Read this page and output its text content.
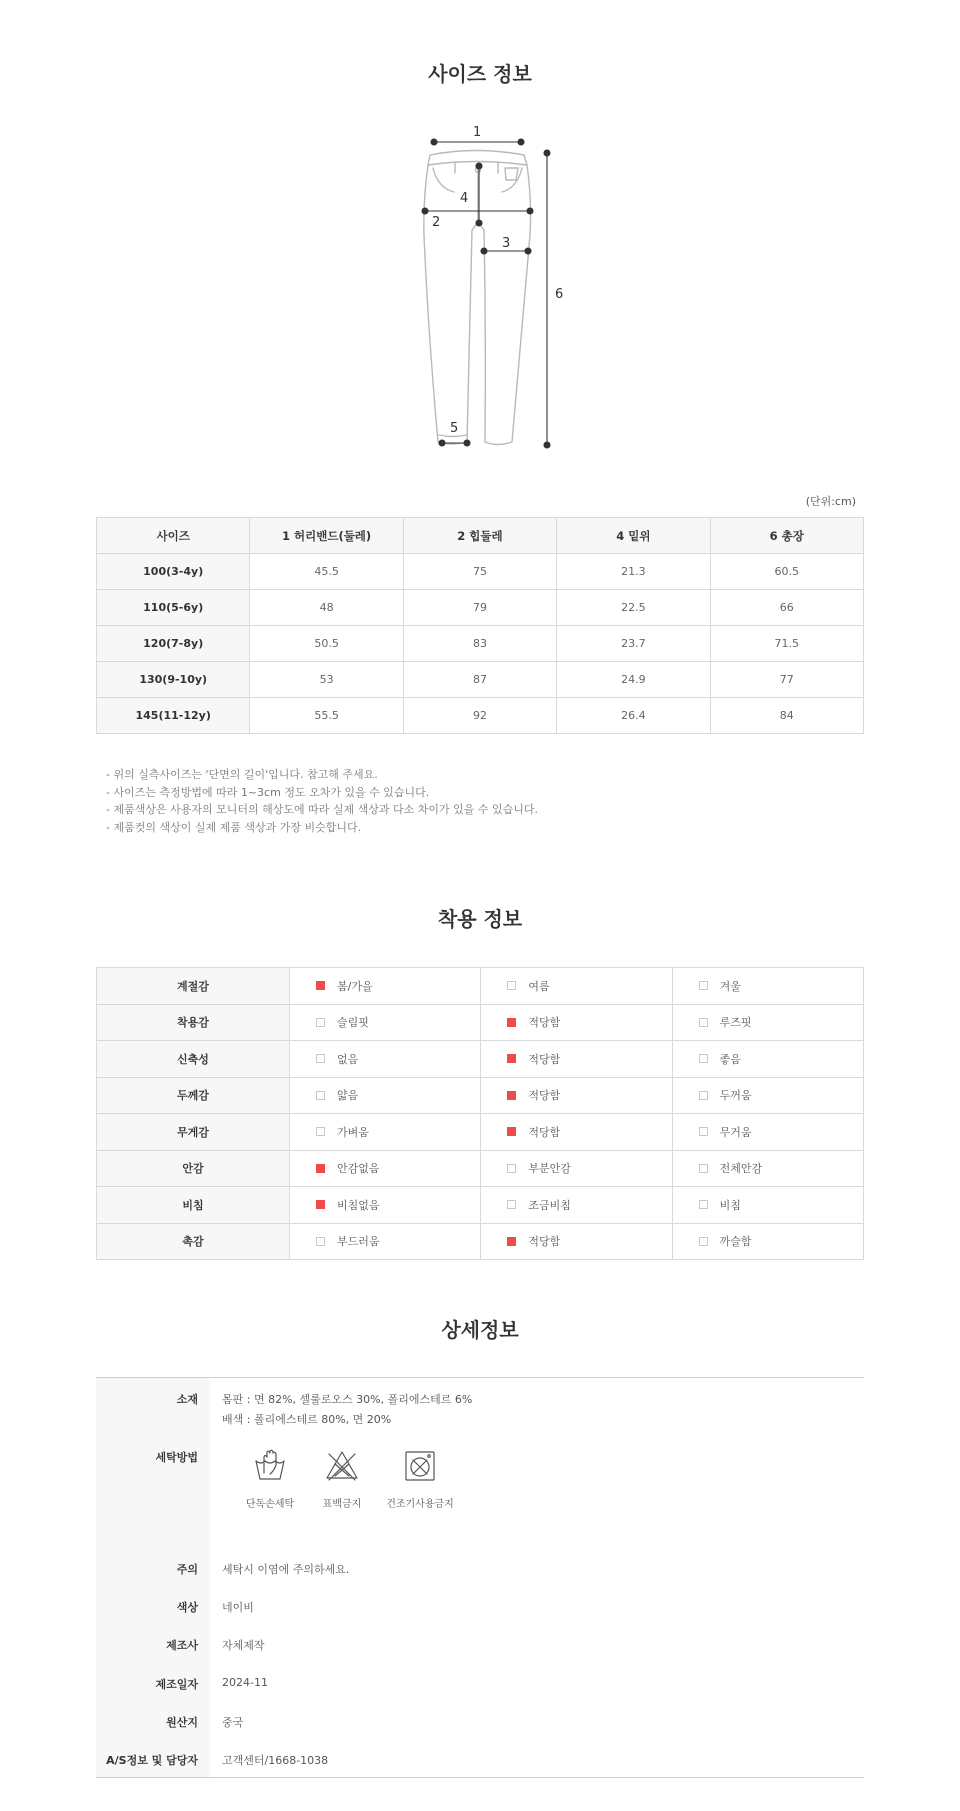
사이즈 정보
1
2
3
4
5
6
(단위:cm)
사이즈	1 허리밴드(둘레)	2 힙둘레	4 밑위	6 총장
100(3-4y)	45.5	75	21.3	60.5
110(5-6y)	48	79	22.5	66
120(7-8y)	50.5	83	23.7	71.5
130(9-10y)	53	87	24.9	77
145(11-12y)	55.5	92	26.4	84
- 위의 실측사이즈는 '단면의 길이'입니다. 참고해 주세요.
- 사이즈는 측정방법에 따라 1~3cm 정도 오차가 있을 수 있습니다.
- 제품색상은 사용자의 모니터의 해상도에 따라 실제 색상과 다소 차이가 있을 수 있습니다.
- 제품컷의 색상이 실제 제품 색상과 가장 비슷합니다.
착용 정보
계절감	봄/가을	여름	겨울
착용감	슬림핏	적당함	루즈핏
신축성	없음	적당함	좋음
두께감	얇음	적당함	두꺼움
무게감	가벼움	적당함	무거움
안감	안감없음	부분안감	전체안감
비침	비침없음	조금비침	비침
촉감	부드러움	적당함	까슬함
상세정보
소재 몸판 : 면 82%, 셀룰로오스 30%, 폴리에스테르 6%
배색 : 폴리에스테르 80%, 면 20%
세탁방법
단독손세탁	표백금지	건조기사용금지
주의 세탁시 이염에 주의하세요.
색상 네이비
제조사 자체제작
제조일자 2024-11
원산지 중국
A/S정보 및 담당자 고객센터/1668-1038
